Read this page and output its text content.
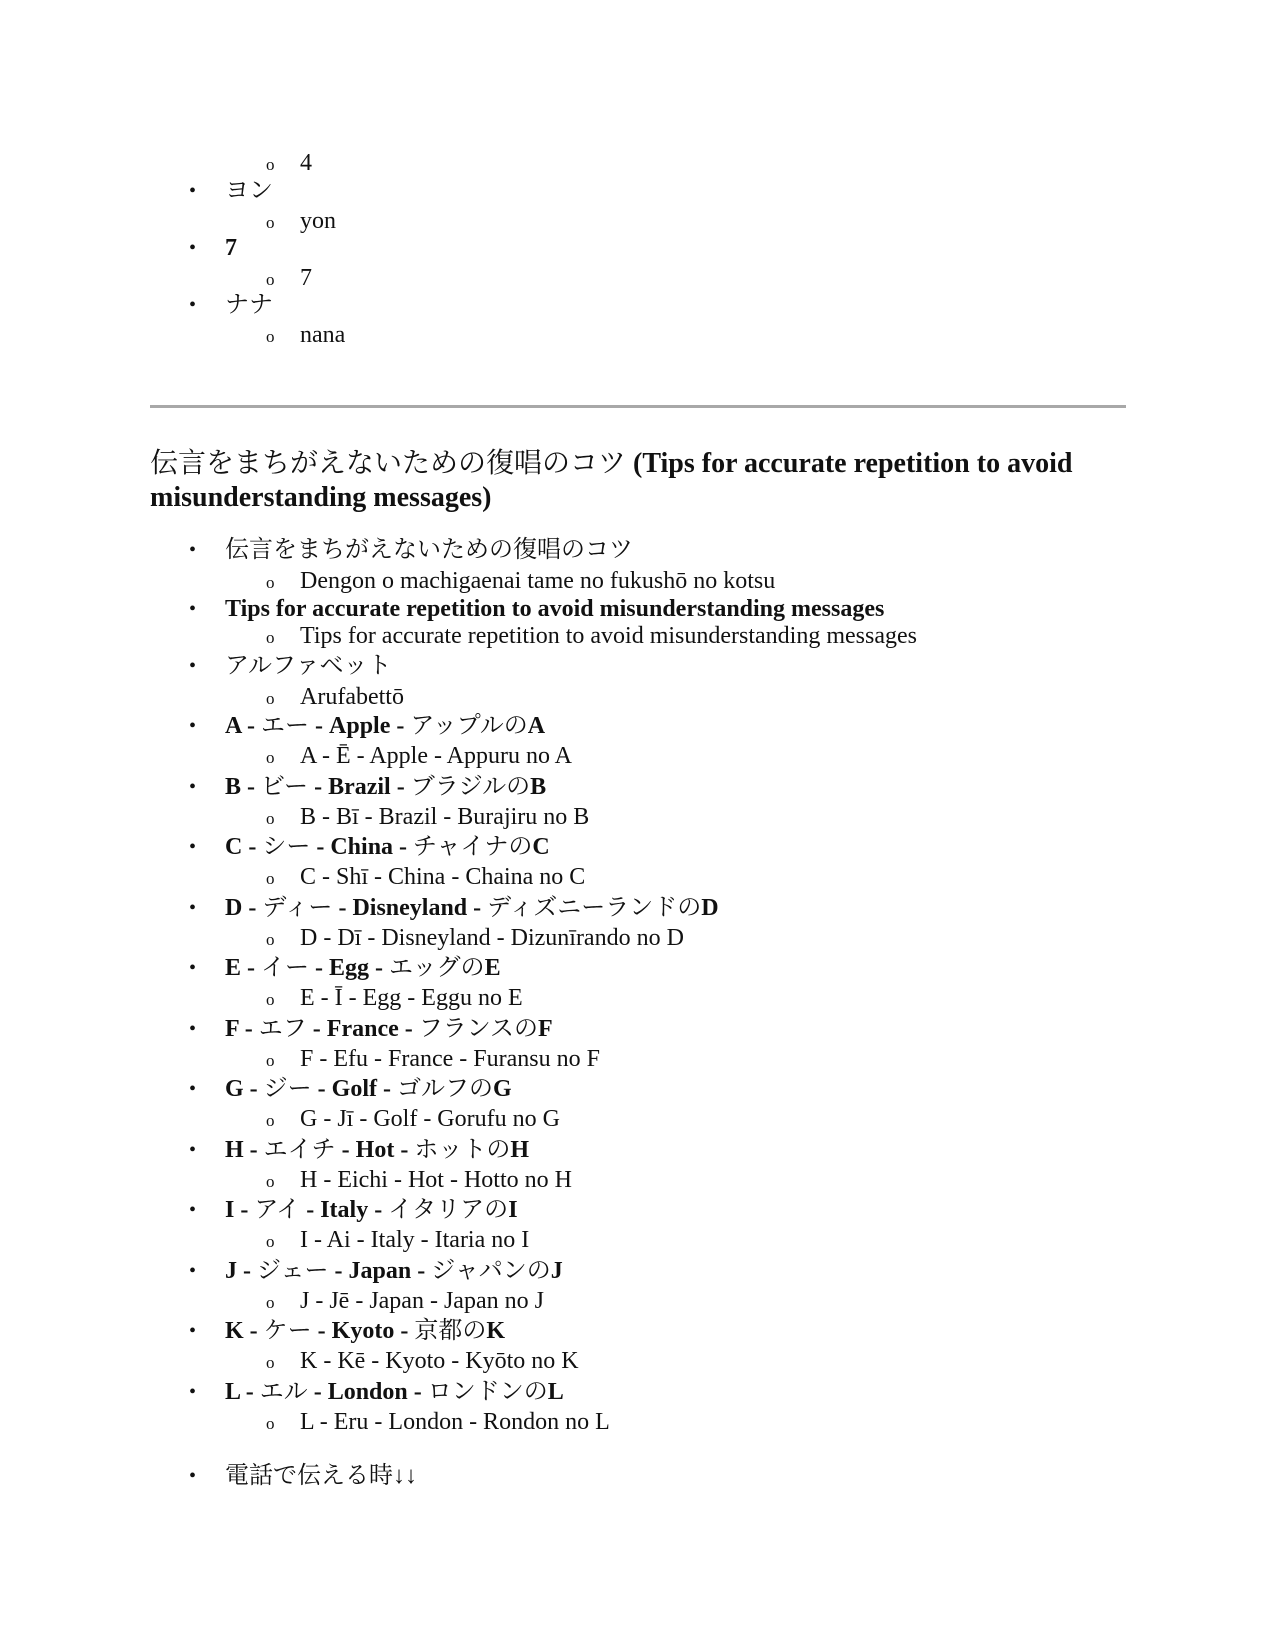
o 4
• ヨン
o yon
• 7
o 7
• ナナ
o nana
伝言をまちがえないための復唱のコツ (Tips for accurate repetition to avoid misunderstanding messages)
• 伝言をまちがえないための復唱のコツ
o Dengon o machigaenai tame no fukushō no kotsu
• Tips for accurate repetition to avoid misunderstanding messages
o Tips for accurate repetition to avoid misunderstanding messages
• アルファベット
o Arufabettō
• A - エー - Apple - アップルのA
o A - Ē - Apple - Appuru no A
• B - ビー - Brazil - ブラジルのB
o B - Bī - Brazil - Burajiru no B
• C - シー - China - チャイナのC
o C - Shī - China - Chaina no C
• D - ディー - Disneyland - ディズニーランドのD
o D - Dī - Disneyland - Dizunīrando no D
• E - イー - Egg - エッグのE
o E - Ī - Egg - Eggu no E
• F - エフ - France - フランスのF
o F - Efu - France - Furansu no F
• G - ジー - Golf - ゴルフのG
o G - Jī - Golf - Gorufu no G
• H - エイチ - Hot - ホットのH
o H - Eichi - Hot - Hotto no H
• I - アイ - Italy - イタリアのI
o I - Ai - Italy - Itaria no I
• J - ジェー - Japan - ジャパンのJ
o J - Jē - Japan - Japan no J
• K - ケー - Kyoto - 京都のK
o K - Kē - Kyoto - Kyōto no K
• L - エル - London - ロンドンのL
o L - Eru - London - Rondon no L
• 電話で伝える時↓↓
